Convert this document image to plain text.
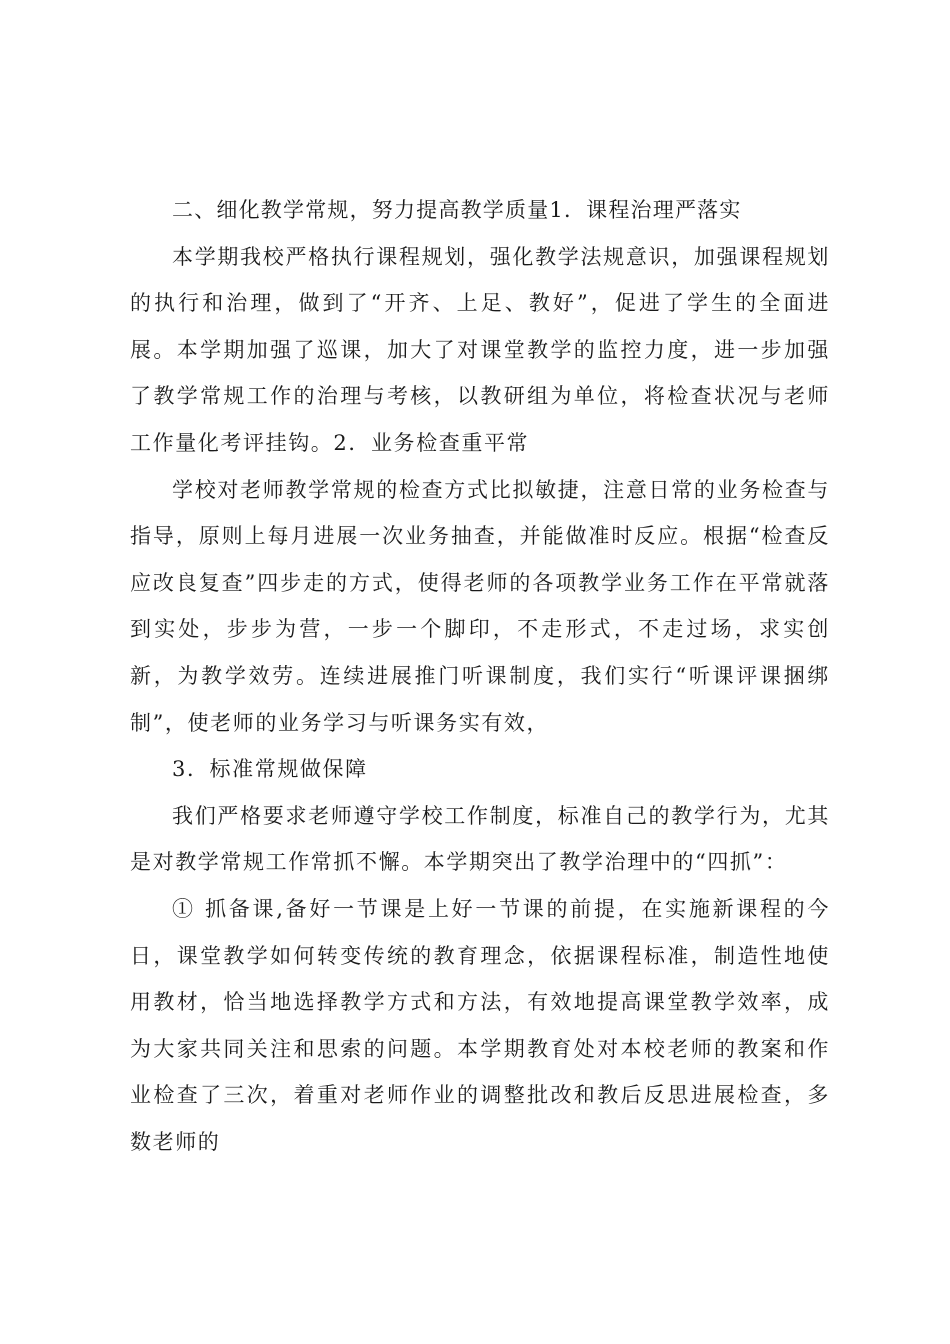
二、细化教学常规，努力提高教学质量1．课程治理严落实

本学期我校严格执行课程规划，强化教学法规意识，加强课程规划的执行和治理，做到了“开齐、上足、教好”，促进了学生的全面进展。本学期加强了巡课，加大了对课堂教学的监控力度，进一步加强了教学常规工作的治理与考核，以教研组为单位，将检查状况与老师工作量化考评挂钩。2．业务检查重平常

学校对老师教学常规的检查方式比拟敏捷，注意日常的业务检查与指导，原则上每月进展一次业务抽查，并能做准时反应。根据“检查反应改良复查”四步走的方式，使得老师的各项教学业务工作在平常就落到实处，步步为营，一步一个脚印，不走形式，不走过场，求实创新，为教学效劳。连续进展推门听课制度，我们实行“听课评课捆绑制”，使老师的业务学习与听课务实有效，

3．标准常规做保障

我们严格要求老师遵守学校工作制度，标准自己的教学行为，尤其是对教学常规工作常抓不懈。本学期突出了教学治理中的“四抓”：

① 抓备课,备好一节课是上好一节课的前提，在实施新课程的今日，课堂教学如何转变传统的教育理念，依据课程标准，制造性地使用教材，恰当地选择教学方式和方法，有效地提高课堂教学效率，成为大家共同关注和思索的问题。本学期教育处对本校老师的教案和作业检查了三次，着重对老师作业的调整批改和教后反思进展检查，多数老师的
